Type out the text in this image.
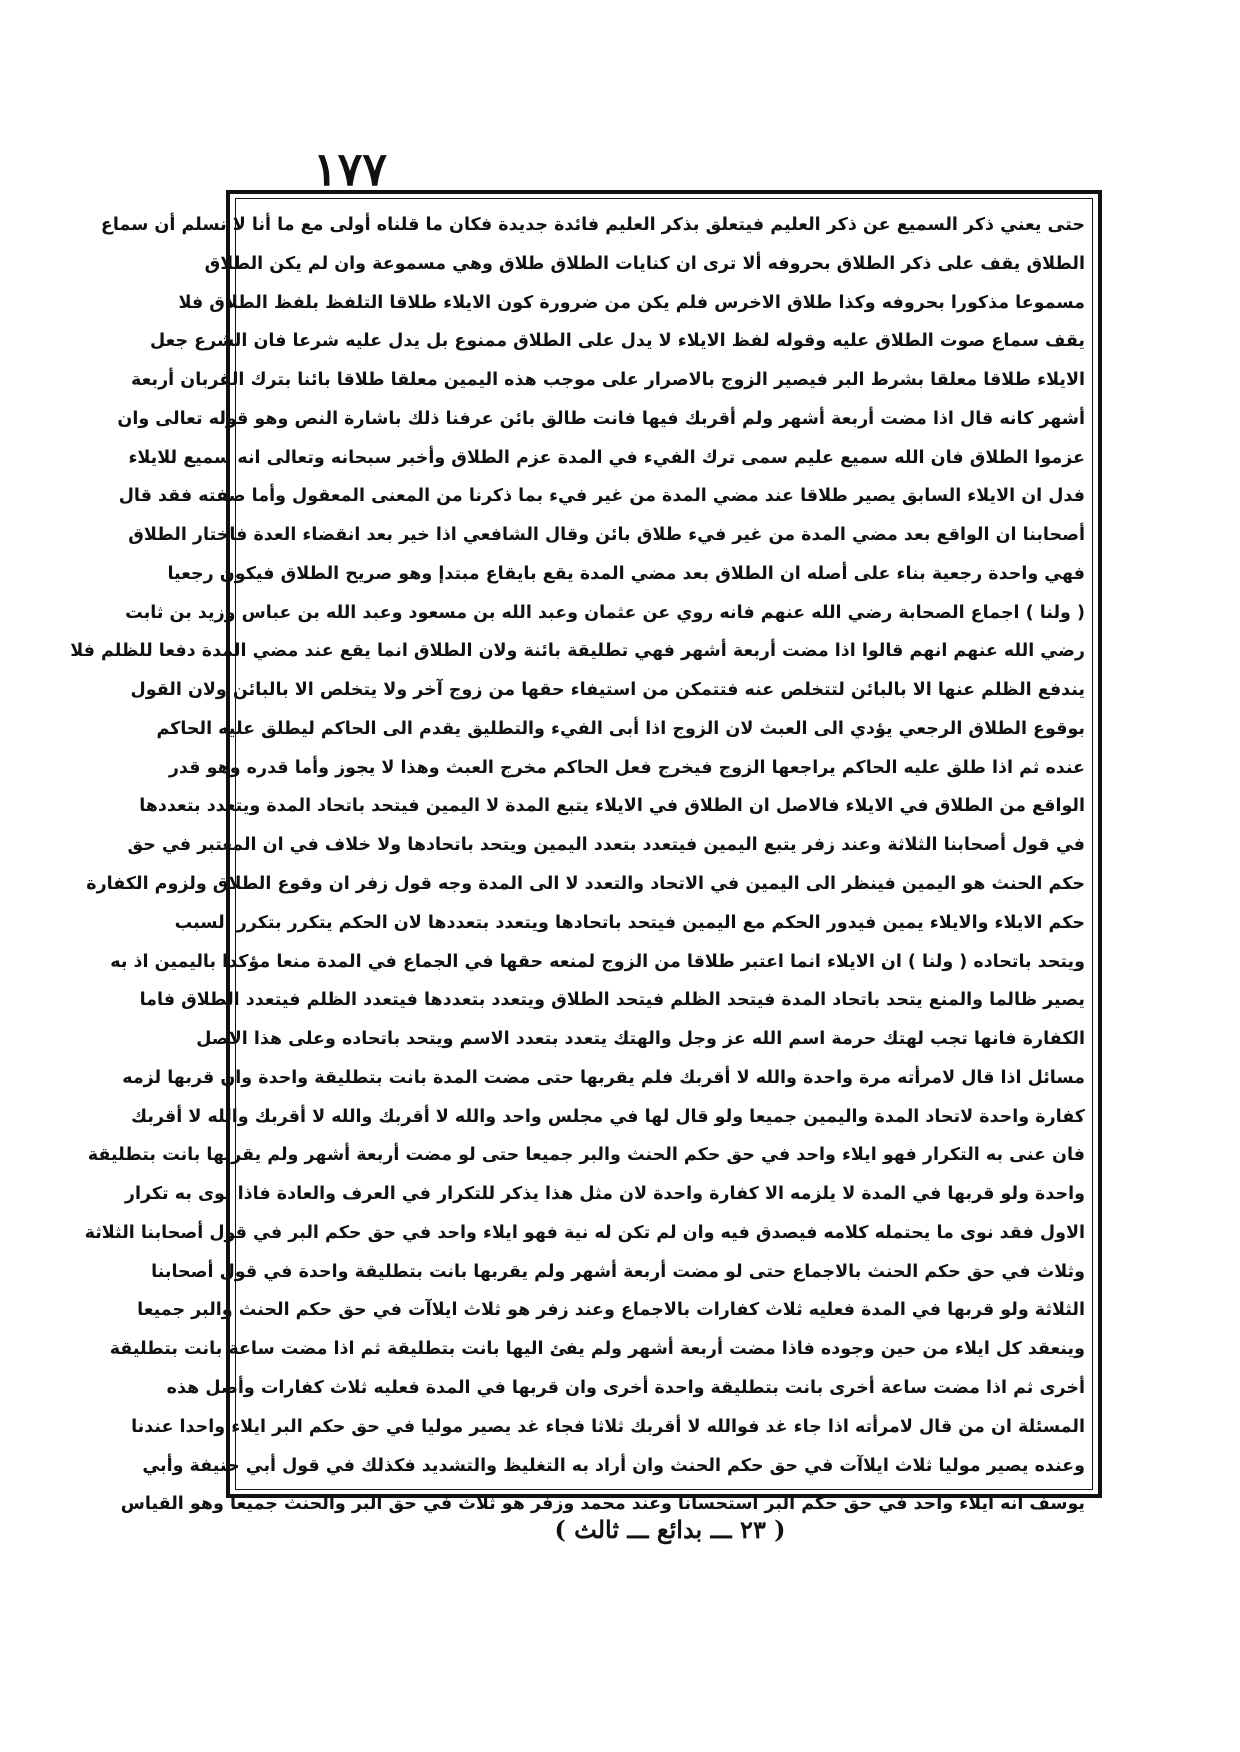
١٧٧
حتى يعني ذكر السميع عن ذكر العليم فيتعلق بذكر العليم فائدة جديدة فكان ما قلناه أولى مع ما أنا لا نسلم أن سماع
الطلاق يقف على ذكر الطلاق بحروفه ألا ترى ان كنايات الطلاق طلاق وهي مسموعة وان لم يكن الطلاق
مسموعا مذكورا بحروفه وكذا طلاق الاخرس فلم يكن من ضرورة كون الايلاء طلاقا التلفظ بلفظ الطلاق فلا
يقف سماع صوت الطلاق عليه وقوله لفظ الايلاء لا يدل على الطلاق ممنوع بل يدل عليه شرعا فان الشرع جعل
الايلاء طلاقا معلقا بشرط البر فيصير الزوج بالاصرار على موجب هذه اليمين معلقا طلاقا بائنا بترك القربان أربعة
أشهر كانه قال اذا مضت أربعة أشهر ولم أقربك فيها فانت طالق بائن عرفنا ذلك باشارة النص وهو قوله تعالى وان
عزموا الطلاق فان الله سميع عليم سمى ترك الفيء في المدة عزم الطلاق وأخبر سبحانه وتعالى انه سميع للايلاء
فدل ان الايلاء السابق يصير طلاقا عند مضي المدة من غير فيء بما ذكرنا من المعنى المعقول وأما صفته فقد قال
أصحابنا ان الواقع بعد مضي المدة من غير فيء طلاق بائن وقال الشافعي اذا خير بعد انقضاء العدة فاختار الطلاق
فهي واحدة رجعية بناء على أصله ان الطلاق بعد مضي المدة يقع بايقاع مبتدإ وهو صريح الطلاق فيكون رجعيا
( ولنا ) اجماع الصحابة رضي الله عنهم فانه روي عن عثمان وعبد الله بن مسعود وعبد الله بن عباس وزيد بن ثابت
رضي الله عنهم انهم قالوا اذا مضت أربعة أشهر فهي تطليقة بائنة ولان الطلاق انما يقع عند مضي المدة دفعا للظلم فلا
يندفع الظلم عنها الا بالبائن لتتخلص عنه فتتمكن من استيفاء حقها من زوج آخر ولا يتخلص الا بالبائن ولان القول
بوقوع الطلاق الرجعي يؤدي الى العبث لان الزوج اذا أبى الفيء والتطليق يقدم الى الحاكم ليطلق عليه الحاكم
عنده ثم اذا طلق عليه الحاكم يراجعها الزوج فيخرج فعل الحاكم مخرج العبث وهذا لا يجوز وأما قدره وهو قدر
الواقع من الطلاق في الايلاء فالاصل ان الطلاق في الايلاء يتبع المدة لا اليمين فيتحد باتحاد المدة ويتعدد بتعددها
في قول أصحابنا الثلاثة وعند زفر يتبع اليمين فيتعدد بتعدد اليمين ويتحد باتحادها ولا خلاف في ان المعتبر في حق
حكم الحنث هو اليمين فينظر الى اليمين في الاتحاد والتعدد لا الى المدة وجه قول زفر ان وقوع الطلاق ولزوم الكفارة
حكم الايلاء والايلاء يمين فيدور الحكم مع اليمين فيتحد باتحادها ويتعدد بتعددها لان الحكم يتكرر بتكرر السبب
ويتحد باتحاده ( ولنا ) ان الايلاء انما اعتبر طلاقا من الزوج لمنعه حقها في الجماع في المدة منعا مؤكدا باليمين اذ به
يصير ظالما والمنع يتحد باتحاد المدة فيتحد الظلم فيتحد الطلاق ويتعدد بتعددها فيتعدد الظلم فيتعدد الطلاق فاما
الكفارة فانها تجب لهتك حرمة اسم الله عز وجل والهتك يتعدد بتعدد الاسم ويتحد باتحاده وعلى هذا الاصل
مسائل اذا قال لامرأته مرة واحدة والله لا أقربك فلم يقربها حتى مضت المدة بانت بتطليقة واحدة وان قربها لزمه
كفارة واحدة لاتحاد المدة واليمين جميعا ولو قال لها في مجلس واحد والله لا أقربك والله لا أقربك والله لا أقربك
فان عنى به التكرار فهو ايلاء واحد في حق حكم الحنث والبر جميعا حتى لو مضت أربعة أشهر ولم يقربها بانت بتطليقة
واحدة ولو قربها في المدة لا يلزمه الا كفارة واحدة لان مثل هذا يذكر للتكرار في العرف والعادة فاذا نوى به تكرار
الاول فقد نوى ما يحتمله كلامه فيصدق فيه وان لم تكن له نية فهو ايلاء واحد في حق حكم البر في قول أصحابنا الثلاثة
وثلاث في حق حكم الحنث بالاجماع حتى لو مضت أربعة أشهر ولم يقربها بانت بتطليقة واحدة في قول أصحابنا
الثلاثة ولو قربها في المدة فعليه ثلاث كفارات بالاجماع وعند زفر هو ثلاث ايلاآت في حق حكم الحنث والبر جميعا
وينعقد كل ايلاء من حين وجوده فاذا مضت أربعة أشهر ولم يفئ اليها بانت بتطليقة ثم اذا مضت ساعة بانت بتطليقة
أخرى ثم اذا مضت ساعة أخرى بانت بتطليقة واحدة أخرى وان قربها في المدة فعليه ثلاث كفارات وأصل هذه
المسئلة ان من قال لامرأته اذا جاء غد فوالله لا أقربك ثلاثا فجاء غد يصير موليا في حق حكم البر ايلاء واحدا عندنا
وعنده يصير موليا ثلاث ايلاآت في حق حكم الحنث وان أراد به التغليظ والتشديد فكذلك في قول أبي حنيفة وأبي
يوسف انه ايلاء واحد في حق حكم البر استحسانا وعند محمد وزفر هو ثلاث في حق البر والحنث جميعا وهو القياس
( ٢٣ ـــ بدائع ـــ ثالث )
